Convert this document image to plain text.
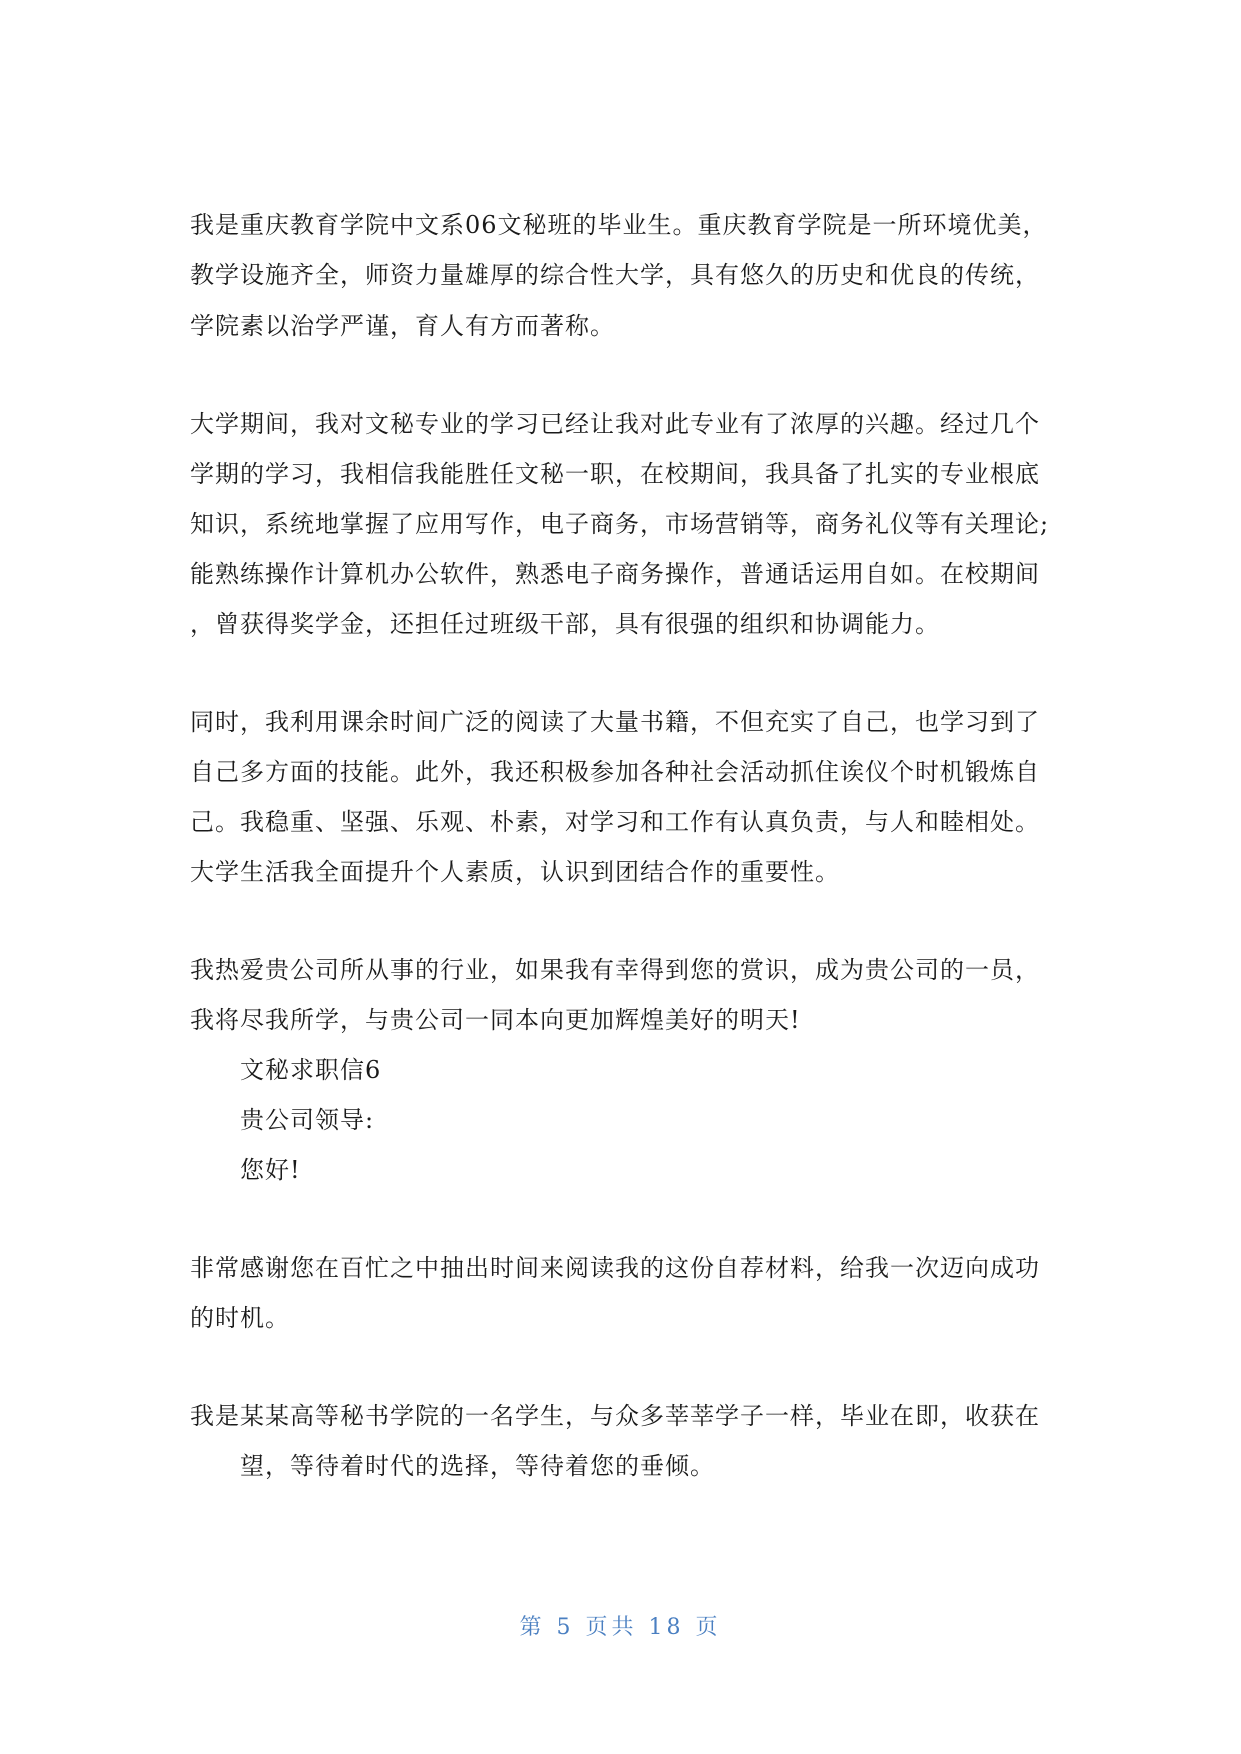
我是重庆教育学院中文系06文秘班的毕业生。重庆教育学院是一所环境优美，
教学设施齐全，师资力量雄厚的综合性大学，具有悠久的历史和优良的传统，
学院素以治学严谨，育人有方而著称。
大学期间，我对文秘专业的学习已经让我对此专业有了浓厚的兴趣。经过几个
学期的学习，我相信我能胜任文秘一职，在校期间，我具备了扎实的专业根底
知识，系统地掌握了应用写作，电子商务，市场营销等，商务礼仪等有关理论;
能熟练操作计算机办公软件，熟悉电子商务操作，普通话运用自如。在校期间
，曾获得奖学金，还担任过班级干部，具有很强的组织和协调能力。
同时，我利用课余时间广泛的阅读了大量书籍，不但充实了自己，也学习到了
自己多方面的技能。此外，我还积极参加各种社会活动抓住诶仪个时机锻炼自
己。我稳重、坚强、乐观、朴素，对学习和工作有认真负责，与人和睦相处。
大学生活我全面提升个人素质，认识到团结合作的重要性。
我热爱贵公司所从事的行业，如果我有幸得到您的赏识，成为贵公司的一员，
我将尽我所学，与贵公司一同本向更加辉煌美好的明天!
文秘求职信6
贵公司领导:
您好!
非常感谢您在百忙之中抽出时间来阅读我的这份自荐材料，给我一次迈向成功
的时机。
我是某某高等秘书学院的一名学生，与众多莘莘学子一样，毕业在即，收获在
望，等待着时代的选择，等待着您的垂倾。
第 5 页共 18 页
